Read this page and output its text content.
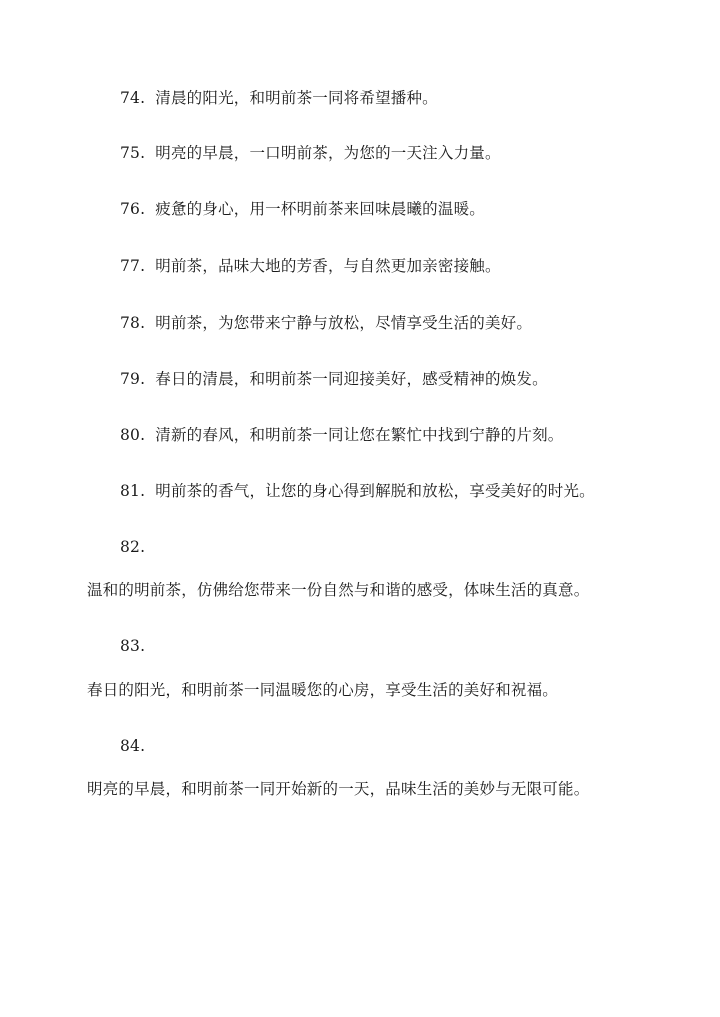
74. 清晨的阳光，和明前茶一同将希望播种。
75. 明亮的早晨，一口明前茶，为您的一天注入力量。
76. 疲惫的身心，用一杯明前茶来回味晨曦的温暖。
77. 明前茶，品味大地的芳香，与自然更加亲密接触。
78. 明前茶，为您带来宁静与放松，尽情享受生活的美好。
79. 春日的清晨，和明前茶一同迎接美好，感受精神的焕发。
80. 清新的春风，和明前茶一同让您在繁忙中找到宁静的片刻。
81. 明前茶的香气，让您的身心得到解脱和放松，享受美好的时光。
82.
温和的明前茶，仿佛给您带来一份自然与和谐的感受，体味生活的真意。
83.
春日的阳光，和明前茶一同温暖您的心房，享受生活的美好和祝福。
84.
明亮的早晨，和明前茶一同开始新的一天，品味生活的美妙与无限可能。
